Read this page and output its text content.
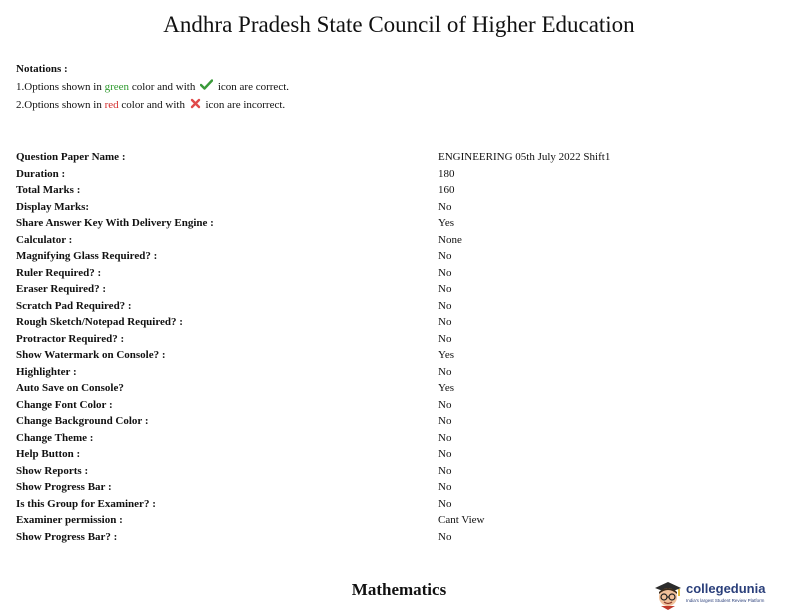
Andhra Pradesh State Council of Higher Education
Notations :
1.Options shown in green color and with  icon are correct.
2.Options shown in red color and with  icon are incorrect.
Question Paper Name :	ENGINEERING 05th July 2022 Shift1
Duration :	180
Total Marks :	160
Display Marks:	No
Share Answer Key With Delivery Engine :	Yes
Calculator :	None
Magnifying Glass Required? :	No
Ruler Required? :	No
Eraser Required? :	No
Scratch Pad Required? :	No
Rough Sketch/Notepad Required? :	No
Protractor Required? :	No
Show Watermark on Console? :	Yes
Highlighter :	No
Auto Save on Console?	Yes
Change Font Color :	No
Change Background Color :	No
Change Theme :	No
Help Button :	No
Show Reports :	No
Show Progress Bar :	No
Is this Group for Examiner? :	No
Examiner permission :	Cant View
Show Progress Bar? :	No
Mathematics	collegedunia
India's largest Student Review Platform
